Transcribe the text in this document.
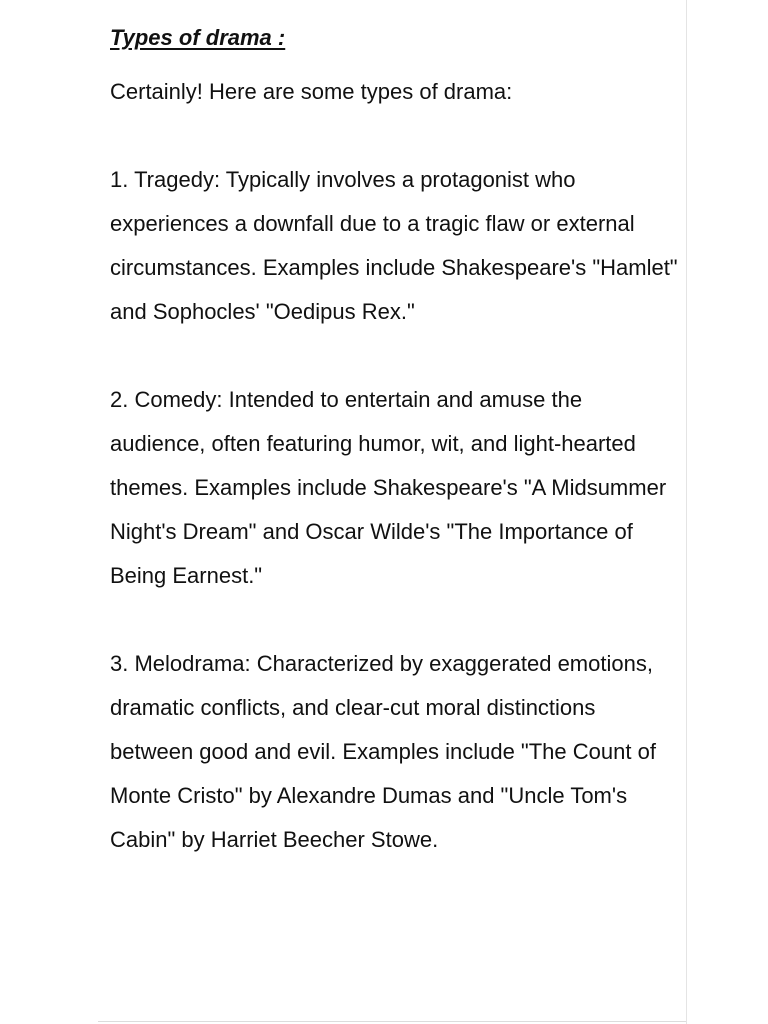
Types of drama :

Certainly! Here are some types of drama:

1. Tragedy: Typically involves a protagonist who experiences a downfall due to a tragic flaw or external circumstances. Examples include Shakespeare's "Hamlet" and Sophocles' "Oedipus Rex."

2. Comedy: Intended to entertain and amuse the audience, often featuring humor, wit, and light-hearted themes. Examples include Shakespeare's "A Midsummer Night's Dream" and Oscar Wilde's "The Importance of Being Earnest."

3. Melodrama: Characterized by exaggerated emotions, dramatic conflicts, and clear-cut moral distinctions between good and evil. Examples include "The Count of Monte Cristo" by Alexandre Dumas and "Uncle Tom's Cabin" by Harriet Beecher Stowe.
